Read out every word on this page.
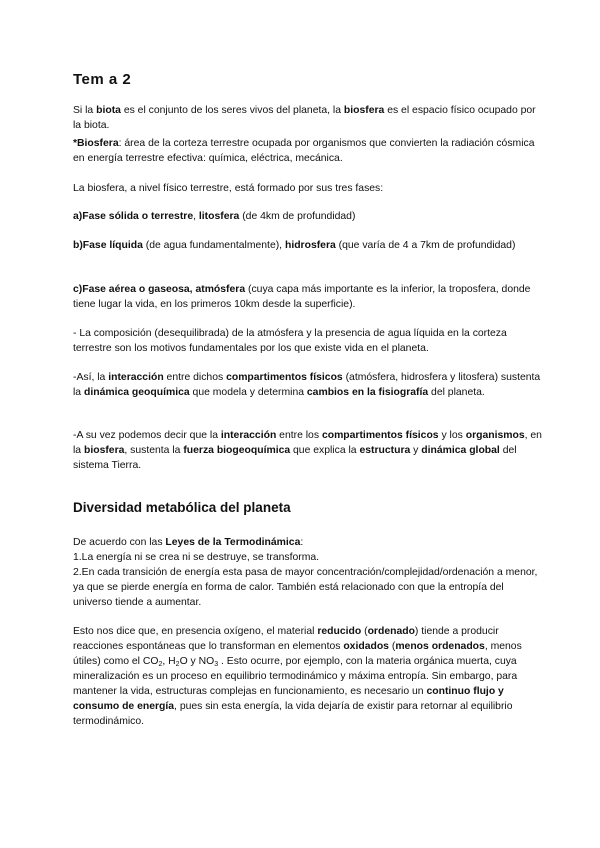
Tem a 2

Si la biota es el conjunto de los seres vivos del planeta, la biosfera es el espacio físico ocupado por la biota.

*Biosfera: área de la corteza terrestre ocupada por organismos que convierten la radiación cósmica en energía terrestre efectiva: química, eléctrica, mecánica.

La biosfera, a nivel físico terrestre, está formado por sus tres fases:

a)Fase sólida o terrestre, litosfera (de 4km de profundidad)

b)Fase líquida (de agua fundamentalmente), hidrosfera (que varía de 4 a 7km de profundidad)

c)Fase aérea o gaseosa, atmósfera (cuya capa más importante es la inferior, la troposfera, donde tiene lugar la vida, en los primeros 10km desde la superficie).

- La composición (desequilibrada) de la atmósfera y la presencia de agua líquida en la corteza terrestre son los motivos fundamentales por los que existe vida en el planeta.

-Así, la interacción entre dichos compartimentos físicos (atmósfera, hidrosfera y litosfera) sustenta la dinámica geoquímica que modela y determina cambios en la fisiografía del planeta.

-A su vez podemos decir que la interacción entre los compartimentos físicos y los organismos, en la biosfera, sustenta la fuerza biogeoquímica que explica la estructura y dinámica global del sistema Tierra.

Diversidad metabólica del planeta

De acuerdo con las Leyes de la Termodinámica:
1.La energía ni se crea ni se destruye, se transforma.
2.En cada transición de energía esta pasa de mayor concentración/complejidad/ordenación a menor, ya que se pierde energía en forma de calor. También está relacionado con que la entropía del universo tiende a aumentar.

Esto nos dice que, en presencia oxígeno, el material reducido (ordenado) tiende a producir reacciones espontáneas que lo transforman en elementos oxidados (menos ordenados, menos útiles) como el $CO_2$, $H_2O$ y $NO_3$ . Esto ocurre, por ejemplo, con la materia orgánica muerta, cuya mineralización es un proceso en equilibrio termodinámico y máxima entropía. Sin embargo, para mantener la vida, estructuras complejas en funcionamiento, es necesario un continuo flujo y consumo de energía, pues sin esta energía, la vida dejaría de existir para retornar al equilibrio termodinámico.
